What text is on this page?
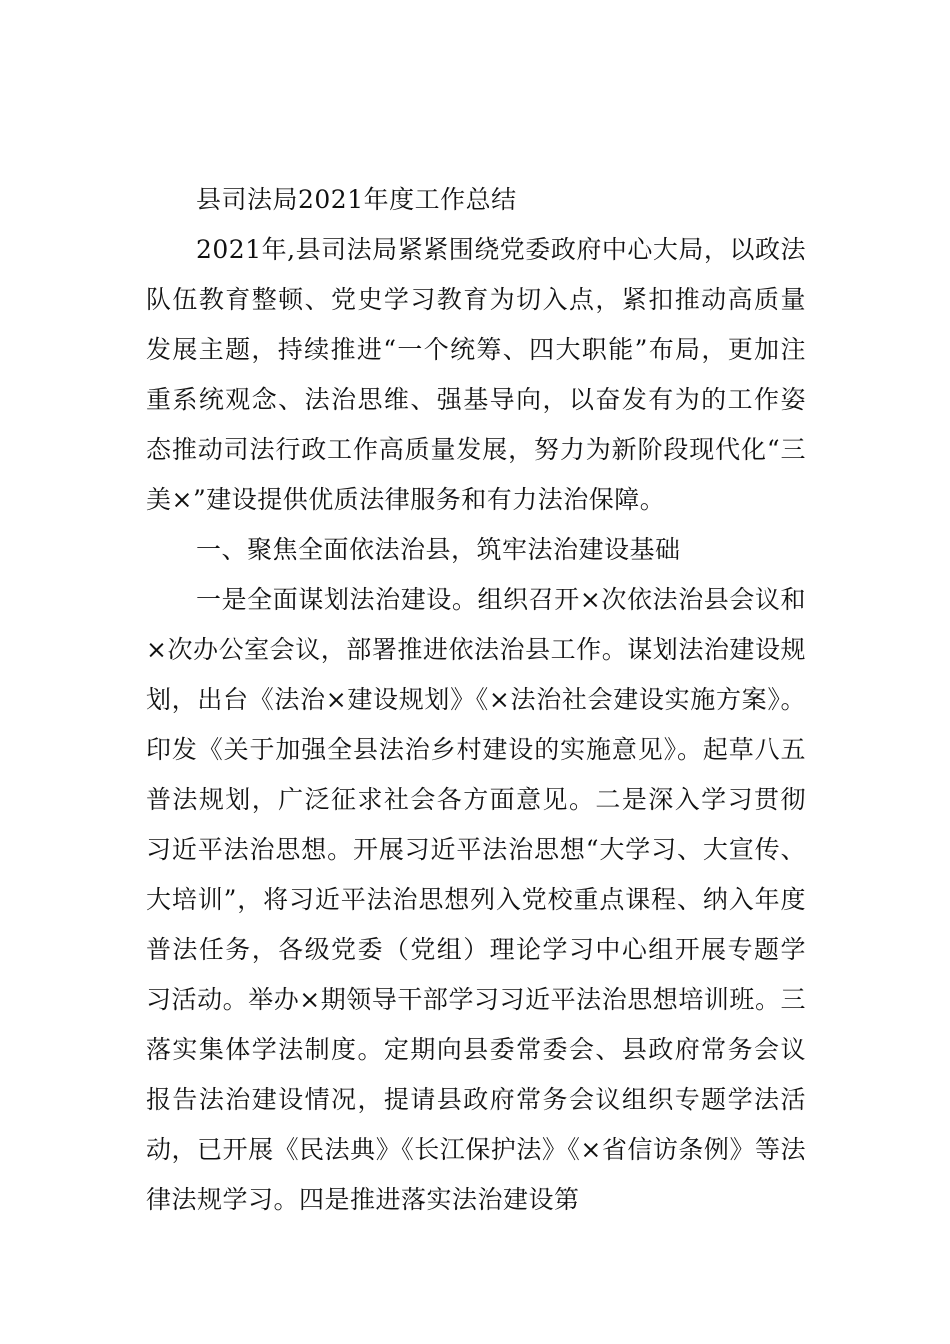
县司法局2021年度工作总结

2021年,县司法局紧紧围绕党委政府中心大局，以政法队伍教育整顿、党史学习教育为切入点，紧扣推动高质量发展主题，持续推进“一个统筹、四大职能”布局，更加注重系统观念、法治思维、强基导向，以奋发有为的工作姿态推动司法行政工作高质量发展，努力为新阶段现代化“三美×”建设提供优质法律服务和有力法治保障。

一、聚焦全面依法治县，筑牢法治建设基础

一是全面谋划法治建设。组织召开×次依法治县会议和×次办公室会议，部署推进依法治县工作。谋划法治建设规划，出台《法治×建设规划》《×法治社会建设实施方案》。印发《关于加强全县法治乡村建设的实施意见》。起草八五普法规划，广泛征求社会各方面意见。二是深入学习贯彻习近平法治思想。开展习近平法治思想“大学习、大宣传、大培训”，将习近平法治思想列入党校重点课程、纳入年度普法任务，各级党委（党组）理论学习中心组开展专题学习活动。举办×期领导干部学习习近平法治思想培训班。三落实集体学法制度。定期向县委常委会、县政府常务会议报告法治建设情况，提请县政府常务会议组织专题学法活动，已开展《民法典》《长江保护法》《×省信访条例》等法律法规学习。四是推进落实法治建设第
